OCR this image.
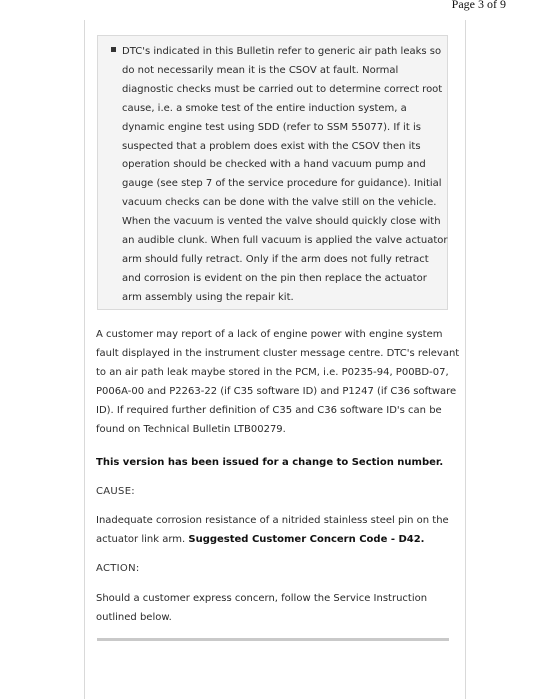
Page 3 of 9
DTC's indicated in this Bulletin refer to generic air path leaks so
do not necessarily mean it is the CSOV at fault. Normal
diagnostic checks must be carried out to determine correct root
cause, i.e. a smoke test of the entire induction system, a
dynamic engine test using SDD (refer to SSM 55077). If it is
suspected that a problem does exist with the CSOV then its
operation should be checked with a hand vacuum pump and
gauge (see step 7 of the service procedure for guidance). Initial
vacuum checks can be done with the valve still on the vehicle.
When the vacuum is vented the valve should quickly close with
an audible clunk. When full vacuum is applied the valve actuator
arm should fully retract. Only if the arm does not fully retract
and corrosion is evident on the pin then replace the actuator
arm assembly using the repair kit.
A customer may report of a lack of engine power with engine system
fault displayed in the instrument cluster message centre. DTC's relevant
to an air path leak maybe stored in the PCM, i.e. P0235-94, P00BD-07,
P006A-00 and P2263-22 (if C35 software ID) and P1247 (if C36 software
ID). If required further definition of C35 and C36 software ID's can be
found on Technical Bulletin LTB00279.
This version has been issued for a change to Section number.
CAUSE:
Inadequate corrosion resistance of a nitrided stainless steel pin on the
actuator link arm. Suggested Customer Concern Code - D42.
ACTION:
Should a customer express concern, follow the Service Instruction
outlined below.
